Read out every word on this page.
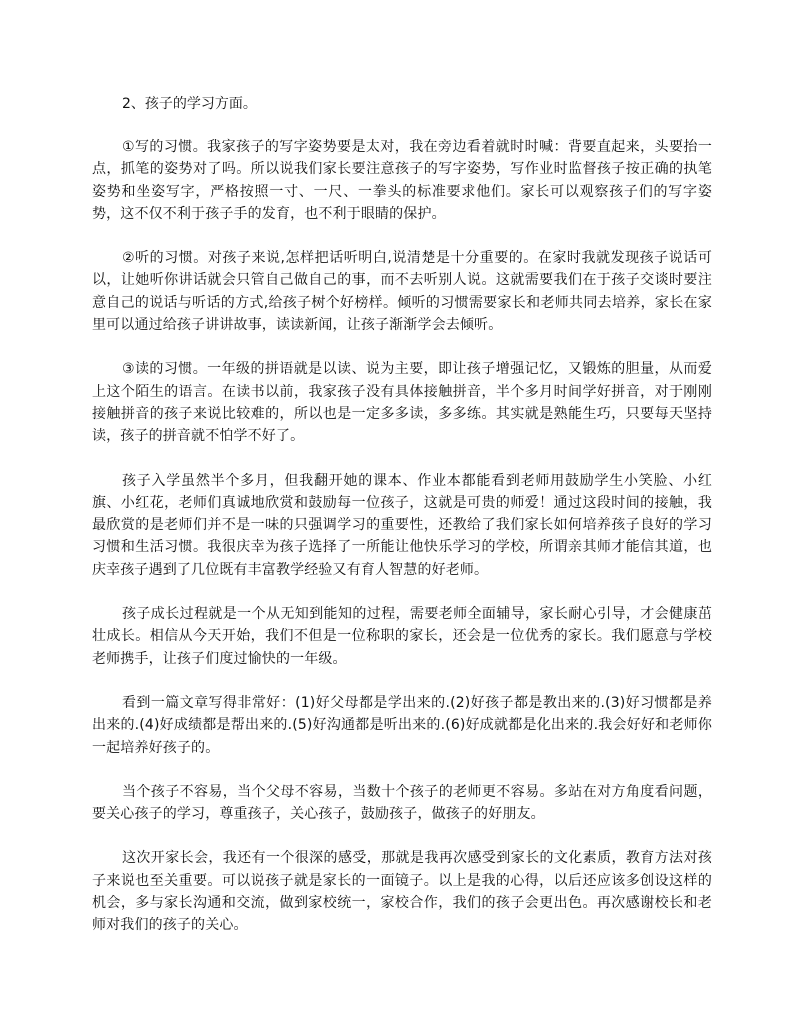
2、孩子的学习方面。

①写的习惯。我家孩子的写字姿势要是太对，我在旁边看着就时时喊：背要直起来，头要抬一点，抓笔的姿势对了吗。所以说我们家长要注意孩子的写字姿势，写作业时监督孩子按正确的执笔姿势和坐姿写字，严格按照一寸、一尺、一拳头的标准要求他们。家长可以观察孩子们的写字姿势，这不仅不利于孩子手的发育，也不利于眼睛的保护。

②听的习惯。对孩子来说,怎样把话听明白,说清楚是十分重要的。在家时我就发现孩子说话可以，让她听你讲话就会只管自己做自己的事，而不去听别人说。这就需要我们在于孩子交谈时要注意自己的说话与听话的方式,给孩子树个好榜样。倾听的习惯需要家长和老师共同去培养，家长在家里可以通过给孩子讲讲故事，读读新闻，让孩子渐渐学会去倾听。

③读的习惯。一年级的拼语就是以读、说为主要，即让孩子增强记忆，又锻炼的胆量，从而爱上这个陌生的语言。在读书以前，我家孩子没有具体接触拼音，半个多月时间学好拼音，对于刚刚接触拼音的孩子来说比较难的，所以也是一定多多读，多多练。其实就是熟能生巧，只要每天坚持读，孩子的拼音就不怕学不好了。

孩子入学虽然半个多月，但我翻开她的课本、作业本都能看到老师用鼓励学生小笑脸、小红旗、小红花，老师们真诚地欣赏和鼓励每一位孩子，这就是可贵的师爱！通过这段时间的接触，我最欣赏的是老师们并不是一味的只强调学习的重要性，还教给了我们家长如何培养孩子良好的学习习惯和生活习惯。我很庆幸为孩子选择了一所能让他快乐学习的学校，所谓亲其师才能信其道，也庆幸孩子遇到了几位既有丰富教学经验又有育人智慧的好老师。

孩子成长过程就是一个从无知到能知的过程，需要老师全面辅导，家长耐心引导，才会健康茁壮成长。相信从今天开始，我们不但是一位称职的家长，还会是一位优秀的家长。我们愿意与学校老师携手，让孩子们度过愉快的一年级。

看到一篇文章写得非常好：(1)好父母都是学出来的.(2)好孩子都是教出来的.(3)好习惯都是养出来的.(4)好成绩都是帮出来的.(5)好沟通都是听出来的.(6)好成就都是化出来的.我会好好和老师你一起培养好孩子的。

当个孩子不容易，当个父母不容易，当数十个孩子的老师更不容易。多站在对方角度看问题，要关心孩子的学习，尊重孩子，关心孩子，鼓励孩子，做孩子的好朋友。

这次开家长会，我还有一个很深的感受，那就是我再次感受到家长的文化素质，教育方法对孩子来说也至关重要。可以说孩子就是家长的一面镜子。以上是我的心得，以后还应该多创设这样的机会，多与家长沟通和交流，做到家校统一，家校合作，我们的孩子会更出色。再次感谢校长和老师对我们的孩子的关心。
